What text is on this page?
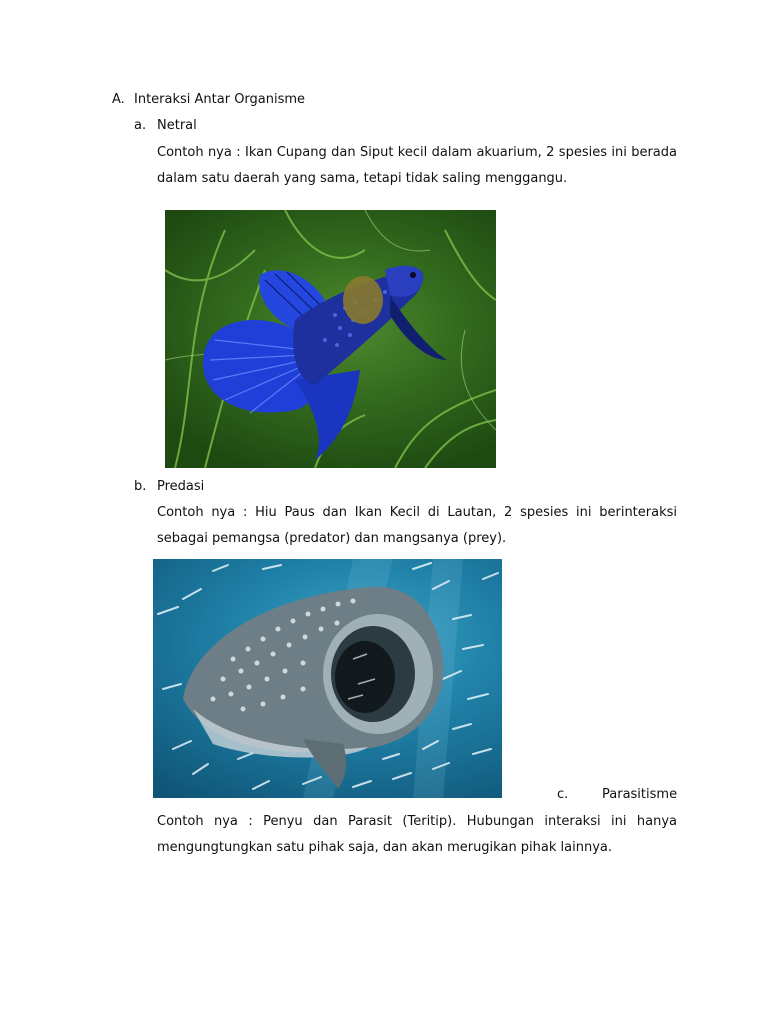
A. Interaksi Antar Organisme

a. Netral

Contoh nya : Ikan Cupang dan Siput kecil dalam akuarium, 2 spesies ini berada dalam satu daerah yang sama, tetapi tidak saling menggangu.

b. Predasi

Contoh nya : Hiu Paus dan Ikan Kecil di Lautan, 2 spesies ini berinteraksi sebagai pemangsa (predator) dan mangsanya (prey).

c.	Parasitisme

Contoh nya : Penyu dan Parasit (Teritip). Hubungan interaksi ini hanya mengungtungkan satu pihak saja, dan akan merugikan pihak lainnya.
